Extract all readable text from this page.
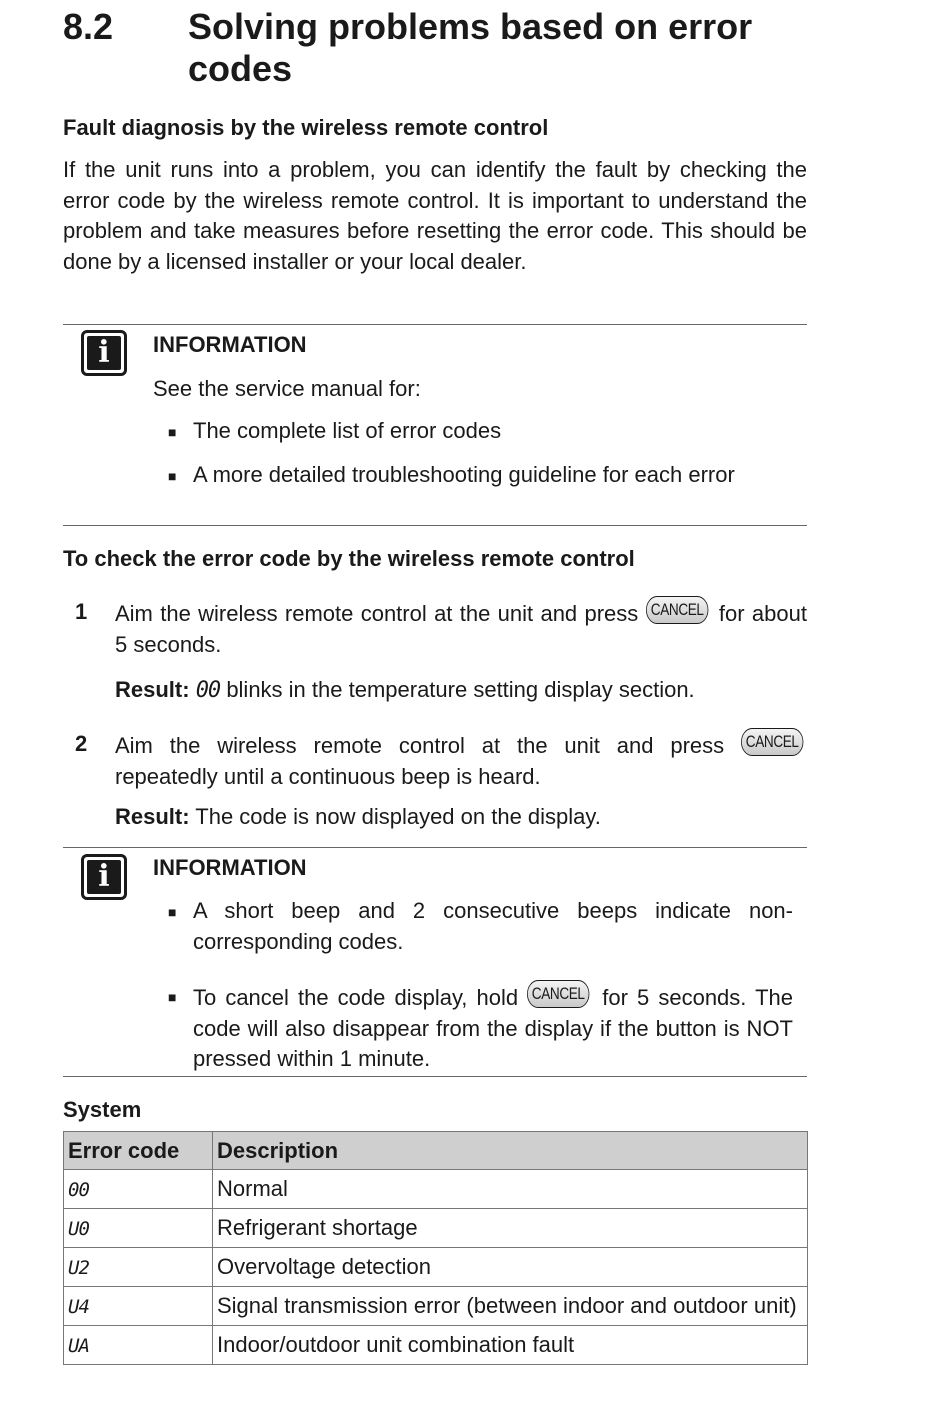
8.2 Solving problems based on error codes
Fault diagnosis by the wireless remote control
If the unit runs into a problem, you can identify the fault by checking the error code by the wireless remote control. It is important to understand the problem and take measures before resetting the error code. This should be done by a licensed installer or your local dealer.
i	INFORMATION
See the service manual for:
■ The complete list of error codes
■ A more detailed troubleshooting guideline for each error
To check the error code by the wireless remote control
1 Aim the wireless remote control at the unit and press CANCEL for about 5 seconds.
Result: 00 blinks in the temperature setting display section.
2 Aim the wireless remote control at the unit and press CANCEL repeatedly until a continuous beep is heard.
Result: The code is now displayed on the display.
i	INFORMATION
■ A short beep and 2 consecutive beeps indicate non-corresponding codes.
■ To cancel the code display, hold CANCEL for 5 seconds. The code will also disappear from the display if the button is NOT pressed within 1 minute.
System
Error code	Description
00	Normal
U0	Refrigerant shortage
U2	Overvoltage detection
U4	Signal transmission error (between indoor and outdoor unit)
UA	Indoor/outdoor unit combination fault
